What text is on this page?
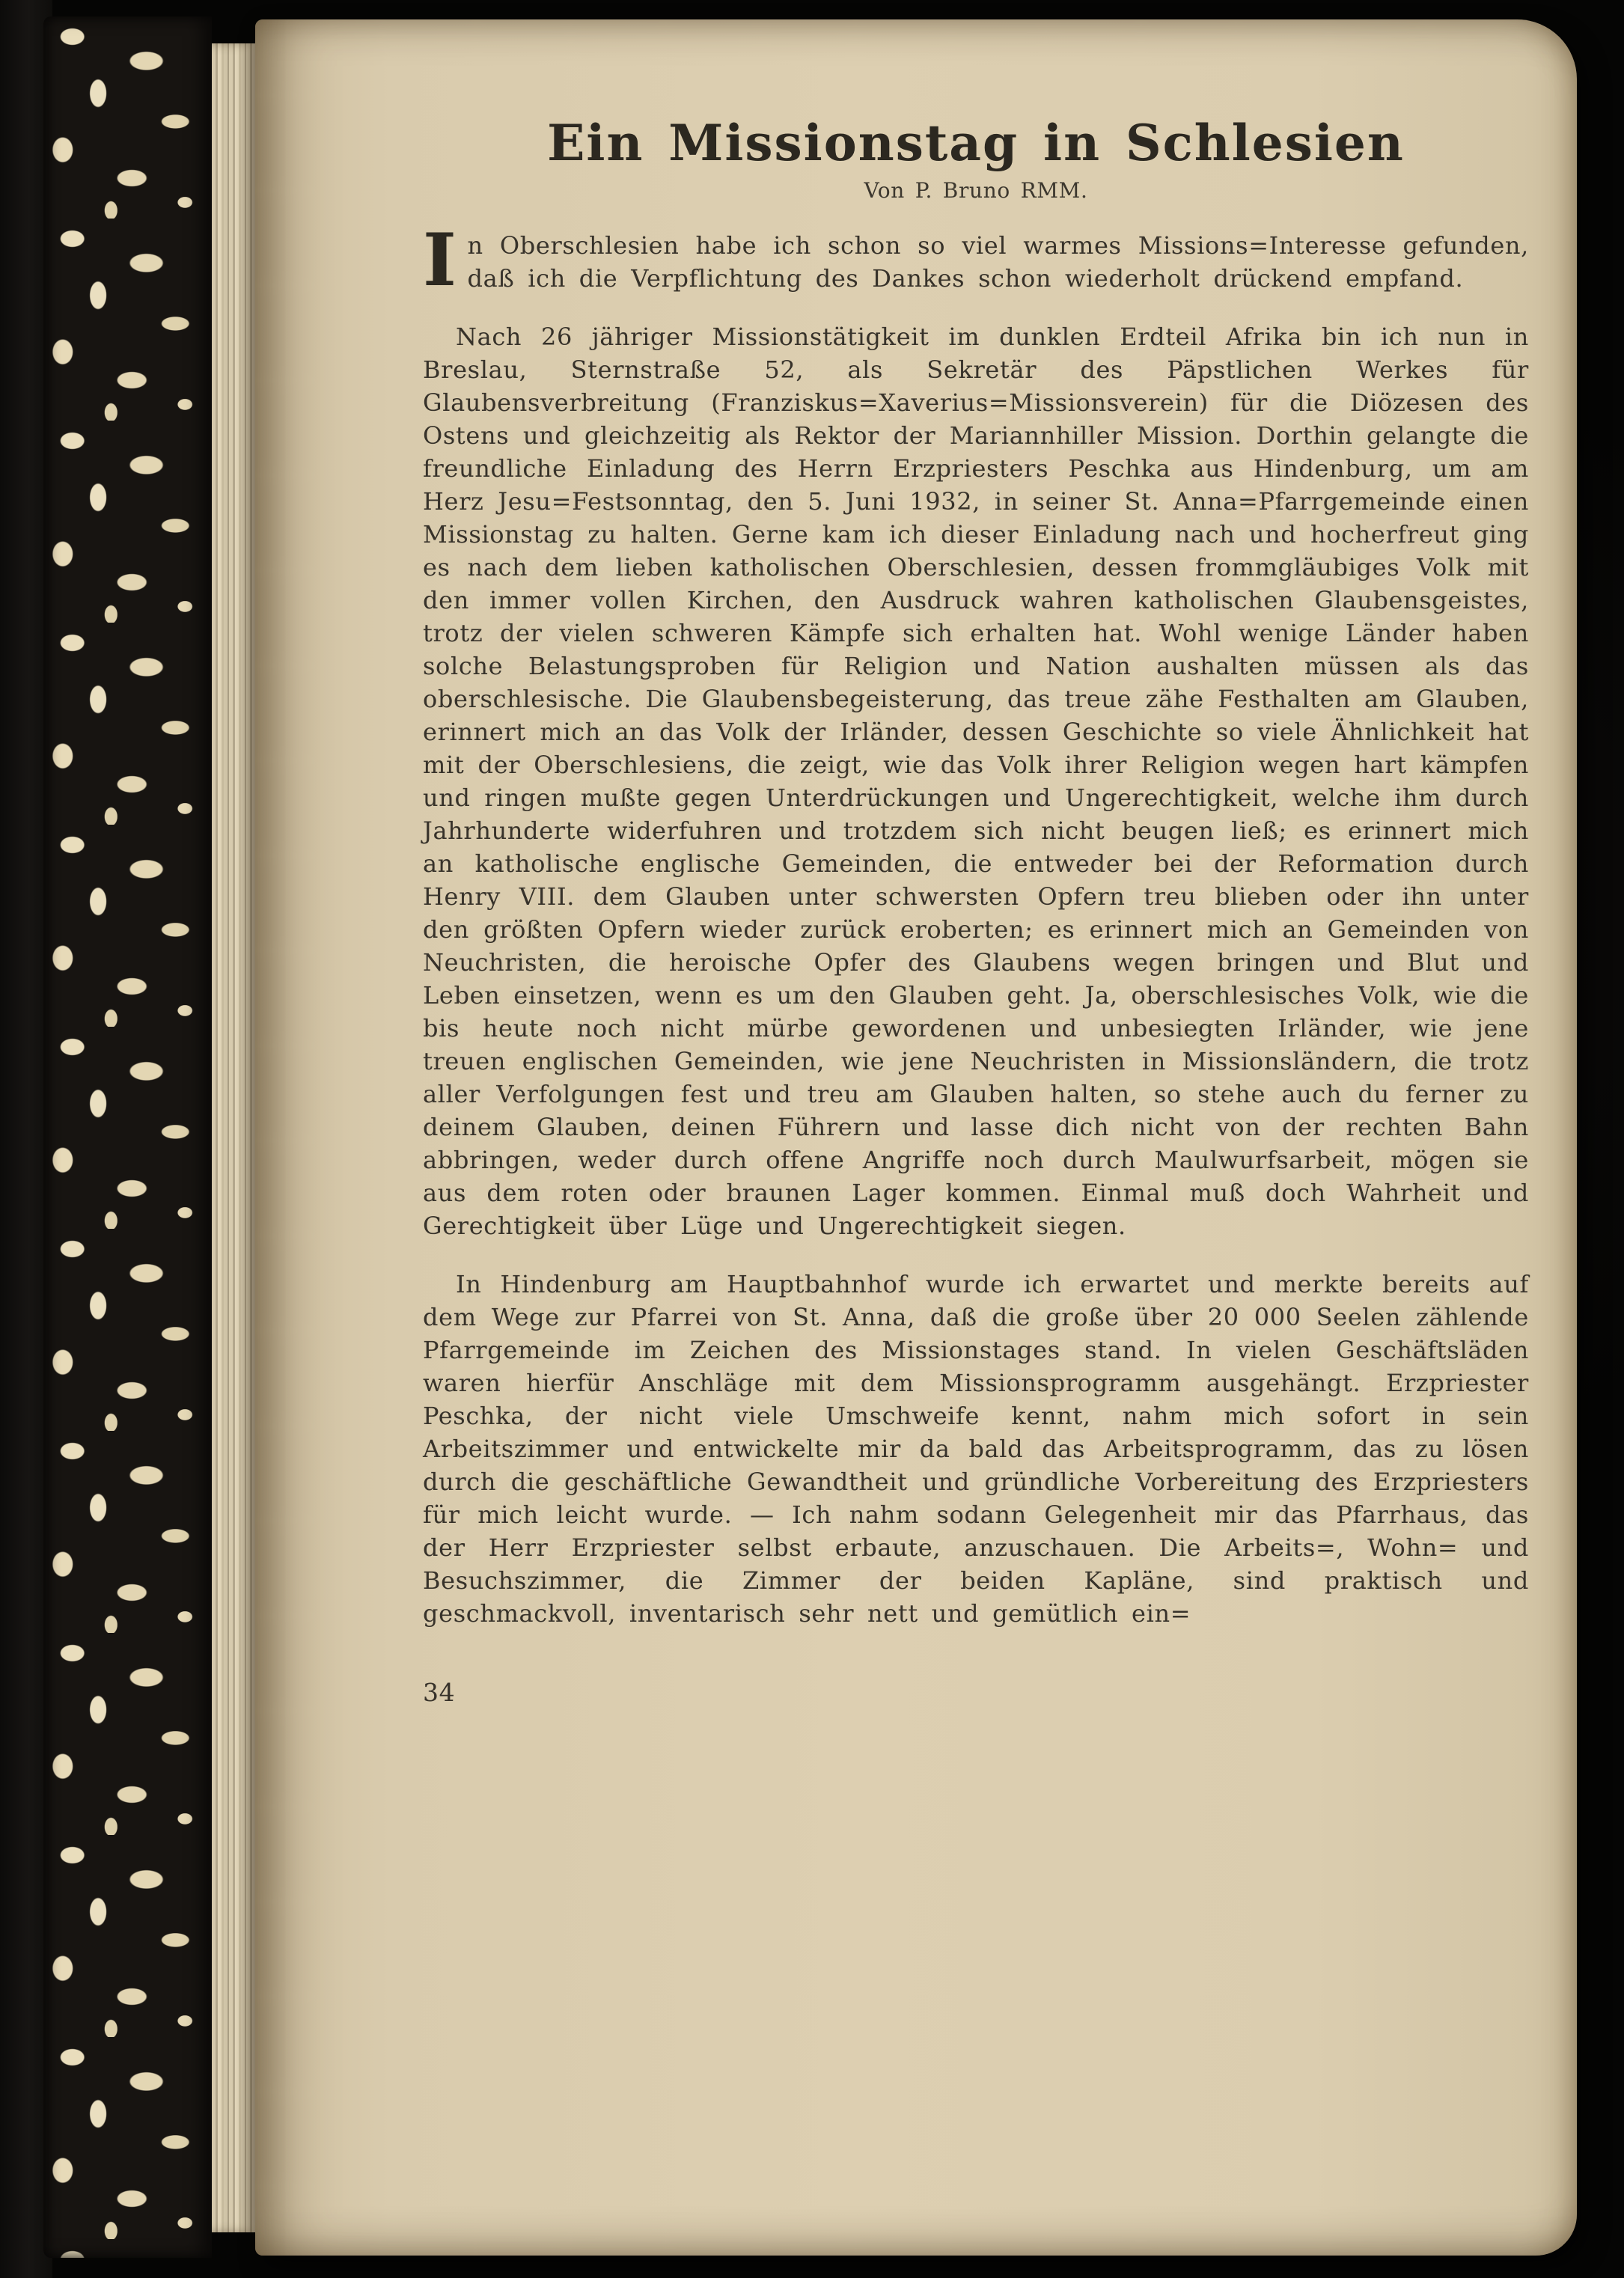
Ein Missionstag in Schlesien
Von P. Bruno RMM.

In Oberschlesien habe ich schon so viel warmes Missions=Interesse gefunden, daß ich die Verpflichtung des Dankes schon wiederholt drückend empfand.

Nach 26 jähriger Missionstätigkeit im dunklen Erdteil Afrika bin ich nun in Breslau, Sternstraße 52, als Sekretär des Päpstlichen Werkes für Glaubensverbreitung (Franziskus=Xaverius=Missionsverein) für die Diözesen des Ostens und gleichzeitig als Rektor der Mariannhiller Mission. Dorthin gelangte die freundliche Einladung des Herrn Erzpriesters Peschka aus Hindenburg, um am Herz Jesu=Festsonntag, den 5. Juni 1932, in seiner St. Anna=Pfarrgemeinde einen Missionstag zu halten. Gerne kam ich dieser Einladung nach und hocherfreut ging es nach dem lieben katholischen Oberschlesien, dessen frommgläubiges Volk mit den immer vollen Kirchen, den Ausdruck wahren katholischen Glaubensgeistes, trotz der vielen schweren Kämpfe sich erhalten hat. Wohl wenige Länder haben solche Belastungsproben für Religion und Nation aushalten müssen als das oberschlesische. Die Glaubensbegeisterung, das treue zähe Festhalten am Glauben, erinnert mich an das Volk der Irländer, dessen Geschichte so viele Ähnlichkeit hat mit der Oberschlesiens, die zeigt, wie das Volk ihrer Religion wegen hart kämpfen und ringen mußte gegen Unterdrückungen und Ungerechtigkeit, welche ihm durch Jahrhunderte widerfuhren und trotzdem sich nicht beugen ließ; es erinnert mich an katholische englische Gemeinden, die entweder bei der Reformation durch Henry VIII. dem Glauben unter schwersten Opfern treu blieben oder ihn unter den größten Opfern wieder zurück eroberten; es erinnert mich an Gemeinden von Neuchristen, die heroische Opfer des Glaubens wegen bringen und Blut und Leben einsetzen, wenn es um den Glauben geht. Ja, oberschlesisches Volk, wie die bis heute noch nicht mürbe gewordenen und unbesiegten Irländer, wie jene treuen englischen Gemeinden, wie jene Neuchristen in Missionsländern, die trotz aller Verfolgungen fest und treu am Glauben halten, so stehe auch du ferner zu deinem Glauben, deinen Führern und lasse dich nicht von der rechten Bahn abbringen, weder durch offene Angriffe noch durch Maulwurfsarbeit, mögen sie aus dem roten oder braunen Lager kommen. Einmal muß doch Wahrheit und Gerechtigkeit über Lüge und Ungerechtigkeit siegen.

In Hindenburg am Hauptbahnhof wurde ich erwartet und merkte bereits auf dem Wege zur Pfarrei von St. Anna, daß die große über 20 000 Seelen zählende Pfarrgemeinde im Zeichen des Missionstages stand. In vielen Geschäftsläden waren hierfür Anschläge mit dem Missionsprogramm ausgehängt. Erzpriester Peschka, der nicht viele Umschweife kennt, nahm mich sofort in sein Arbeitszimmer und entwickelte mir da bald das Arbeitsprogramm, das zu lösen durch die geschäftliche Gewandtheit und gründliche Vorbereitung des Erzpriesters für mich leicht wurde. — Ich nahm sodann Gelegenheit mir das Pfarrhaus, das der Herr Erzpriester selbst erbaute, anzuschauen. Die Arbeits=, Wohn= und Besuchszimmer, die Zimmer der beiden Kapläne, sind praktisch und geschmackvoll, inventarisch sehr nett und gemütlich ein=

34
